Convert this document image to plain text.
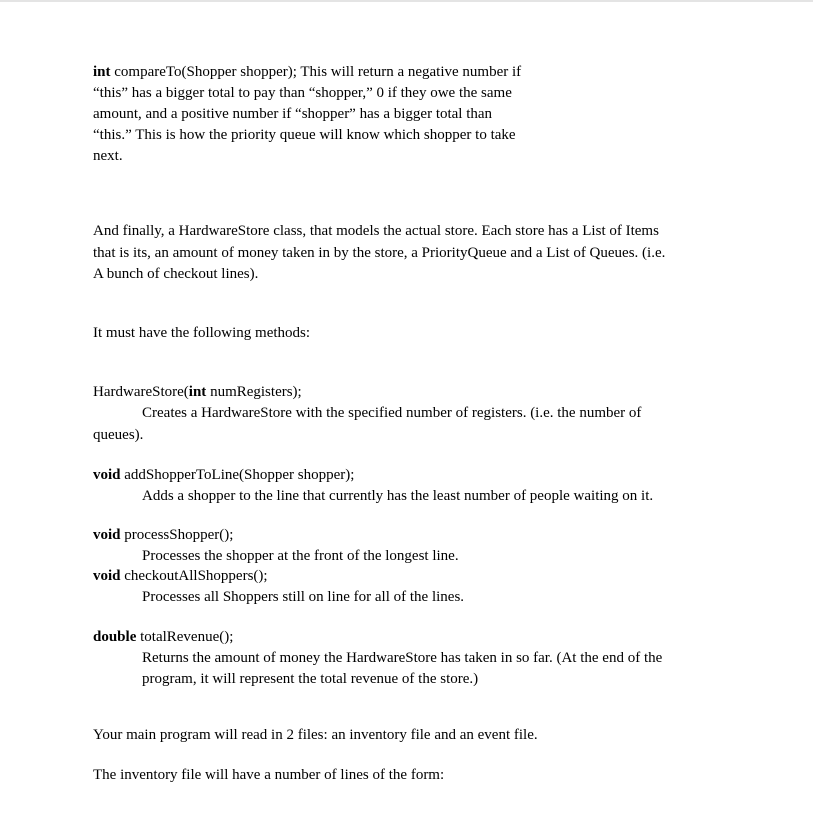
int compareTo(Shopper shopper); This will return a negative number if
“this” has a bigger total to pay than “shopper,” 0 if they owe the same
amount, and a positive number if “shopper” has a bigger total than
“this.” This is how the priority queue will know which shopper to take
next.
And finally, a HardwareStore class, that models the actual store. Each store has a List of Items
that is its, an amount of money taken in by the store, a PriorityQueue and a List of Queues. (i.e.
A bunch of checkout lines).
It must have the following methods:
HardwareStore(int numRegisters);
Creates a HardwareStore with the specified number of registers. (i.e. the number of
queues).
void addShopperToLine(Shopper shopper);
Adds a shopper to the line that currently has the least number of people waiting on it.
void processShopper();
Processes the shopper at the front of the longest line.
void checkoutAllShoppers();
Processes all Shoppers still on line for all of the lines.
double totalRevenue();
Returns the amount of money the HardwareStore has taken in so far. (At the end of the
program, it will represent the total revenue of the store.)
Your main program will read in 2 files: an inventory file and an event file.
The inventory file will have a number of lines of the form:
